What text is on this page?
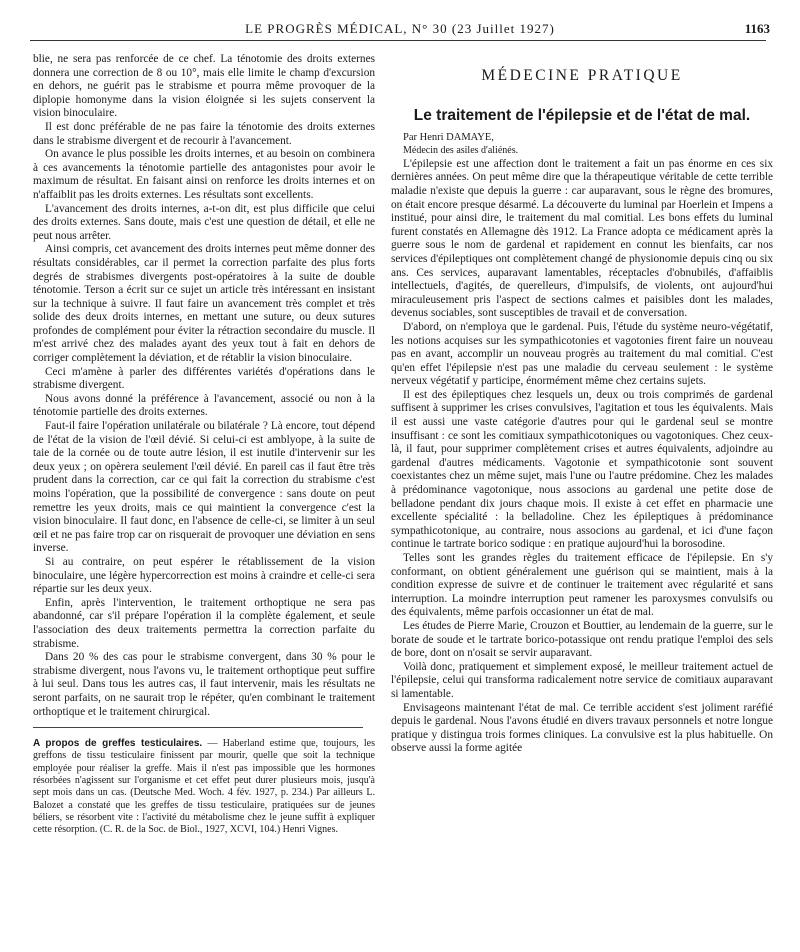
LE PROGRÈS MÉDICAL, N° 30 (23 Juillet 1927)	1163

blie, ne sera pas renforcée de ce chef. La ténotomie des droits externes donnera une correction de 8 ou 10°, mais elle limite le champ d'excursion en dehors, ne guérit pas le strabisme et pourra même provoquer de la diplopie homonyme dans la vision éloignée si les sujets conservent la vision binoculaire.

Il est donc préférable de ne pas faire la ténotomie des droits externes dans le strabisme divergent et de recourir à l'avancement.

On avance le plus possible les droits internes, et au besoin on combinera à ces avancements la ténotomie partielle des antagonistes pour avoir le maximum de résultat. En faisant ainsi on renforce les droits internes et on n'affaiblit pas les droits externes. Les résultats sont excellents.

L'avancement des droits internes, a-t-on dit, est plus difficile que celui des droits externes. Sans doute, mais c'est une question de détail, et elle ne peut nous arrêter.

Ainsi compris, cet avancement des droits internes peut même donner des résultats considérables, car il permet la correction parfaite des plus forts degrés de strabismes divergents post-opératoires à la suite de double ténotomie. Terson a écrit sur ce sujet un article très intéressant en insistant sur la technique à suivre. Il faut faire un avancement très complet et très solide des deux droits internes, en mettant une suture, ou deux sutures profondes de complément pour éviter la rétraction secondaire du muscle. Il m'est arrivé chez des malades ayant des yeux tout à fait en dehors de corriger complètement la déviation, et de rétablir la vision binoculaire.

Ceci m'amène à parler des différentes variétés d'opérations dans le strabisme divergent.

Nous avons donné la préférence à l'avancement, associé ou non à la ténotomie partielle des droits externes.

Faut-il faire l'opération unilatérale ou bilatérale ? Là encore, tout dépend de l'état de la vision de l'œil dévié. Si celui-ci est amblyope, à la suite de taie de la cornée ou de toute autre lésion, il est inutile d'intervenir sur les deux yeux ; on opèrera seulement l'œil dévié. En pareil cas il faut être très prudent dans la correction, car ce qui fait la correction du strabisme c'est moins l'opération, que la possibilité de convergence : sans doute on peut remettre les yeux droits, mais ce qui maintient la convergence c'est la vision binoculaire. Il faut donc, en l'absence de celle-ci, se limiter à un seul œil et ne pas faire trop car on risquerait de provoquer une déviation en sens inverse.

Si au contraire, on peut espérer le rétablissement de la vision binoculaire, une légère hypercorrection est moins à craindre et celle-ci sera répartie sur les deux yeux.

Enfin, après l'intervention, le traitement orthoptique ne sera pas abandonné, car s'il prépare l'opération il la complète également, et seule l'association des deux traitements permettra la correction parfaite du strabisme.

Dans 20 % des cas pour le strabisme convergent, dans 30 % pour le strabisme divergent, nous l'avons vu, le traitement orthoptique peut suffire à lui seul. Dans tous les autres cas, il faut intervenir, mais les résultats ne seront parfaits, on ne saurait trop le répéter, qu'en combinant le traitement orthoptique et le traitement chirurgical.

A propos de greffes testiculaires. — Haberland estime que, toujours, les greffons de tissu testiculaire finissent par mourir, quelle que soit la technique employée pour réaliser la greffe. Mais il n'est pas impossible que les hormones résorbées n'agissent sur l'organisme et cet effet peut durer plusieurs mois, jusqu'à sept mois dans un cas. (Deutsche Med. Woch. 4 fév. 1927, p. 234.) Par ailleurs L. Balozet a constaté que les greffes de tissu testiculaire, pratiquées sur de jeunes béliers, se résorbent vite : l'activité du métabolisme chez le jeune suffit à expliquer cette résorption. (C. R. de la Soc. de Biol., 1927, XCVI, 104.) Henri Vignes.

MÉDECINE PRATIQUE
Le traitement de l'épilepsie et de l'état de mal.

Par Henri DAMAYE,

Médecin des asiles d'aliénés.

L'épilepsie est une affection dont le traitement a fait un pas énorme en ces six dernières années. On peut même dire que la thérapeutique véritable de cette terrible maladie n'existe que depuis la guerre : car auparavant, sous le règne des bromures, on était encore presque désarmé. La découverte du luminal par Hoerlein et Impens a institué, pour ainsi dire, le traitement du mal comitial. Les bons effets du luminal furent constatés en Allemagne dès 1912. La France adopta ce médicament après la guerre sous le nom de gardenal et rapidement en connut les bienfaits, car nos services d'épileptiques ont complètement changé de physionomie depuis cinq ou six ans. Ces services, auparavant lamentables, réceptacles d'obnubilés, d'affaiblis intellectuels, d'agités, de querelleurs, d'impulsifs, de violents, ont aujourd'hui miraculeusement pris l'aspect de sections calmes et paisibles dont les malades, devenus sociables, sont susceptibles de travail et de conversation.

D'abord, on n'employa que le gardenal. Puis, l'étude du système neuro-végétatif, les notions acquises sur les sympathicotonies et vagotonies firent faire un nouveau pas en avant, accomplir un nouveau progrès au traitement du mal comitial. C'est qu'en effet l'épilepsie n'est pas une maladie du cerveau seulement : le système nerveux végétatif y participe, énormément même chez certains sujets.

Il est des épileptiques chez lesquels un, deux ou trois comprimés de gardenal suffisent à supprimer les crises convulsives, l'agitation et tous les équivalents. Mais il est aussi une vaste catégorie d'autres pour qui le gardenal seul se montre insuffisant : ce sont les comitiaux sympathicotoniques ou vagotoniques. Chez ceux-là, il faut, pour supprimer complètement crises et autres équivalents, adjoindre au gardenal d'autres médicaments. Vagotonie et sympathicotonie sont souvent coexistantes chez un même sujet, mais l'une ou l'autre prédomine. Chez les malades à prédominance vagotonique, nous associons au gardenal une petite dose de belladone pendant dix jours chaque mois. Il existe à cet effet en pharmacie une excellente spécialité : la belladoline. Chez les épileptiques à prédominance sympathicotonique, au contraire, nous associons au gardenal, et ici d'une façon continue le tartrate borico sodique : en pratique aujourd'hui la borosodine.

Telles sont les grandes règles du traitement efficace de l'épilepsie. En s'y conformant, on obtient généralement une guérison qui se maintient, mais à la condition expresse de suivre et de continuer le traitement avec régularité et sans interruption. La moindre interruption peut ramener les paroxysmes convulsifs ou des équivalents, même parfois occasionner un état de mal.

Les études de Pierre Marie, Crouzon et Bouttier, au lendemain de la guerre, sur le borate de soude et le tartrate borico-potassique ont rendu pratique l'emploi des sels de bore, dont on n'osait se servir auparavant.

Voilà donc, pratiquement et simplement exposé, le meilleur traitement actuel de l'épilepsie, celui qui transforma radicalement notre service de comitiaux auparavant si lamentable.

Envisageons maintenant l'état de mal. Ce terrible accident s'est joliment raréfié depuis le gardenal. Nous l'avons étudié en divers travaux personnels et notre longue pratique y distingua trois formes cliniques. La convulsive est la plus habituelle. On observe aussi la forme agitée
